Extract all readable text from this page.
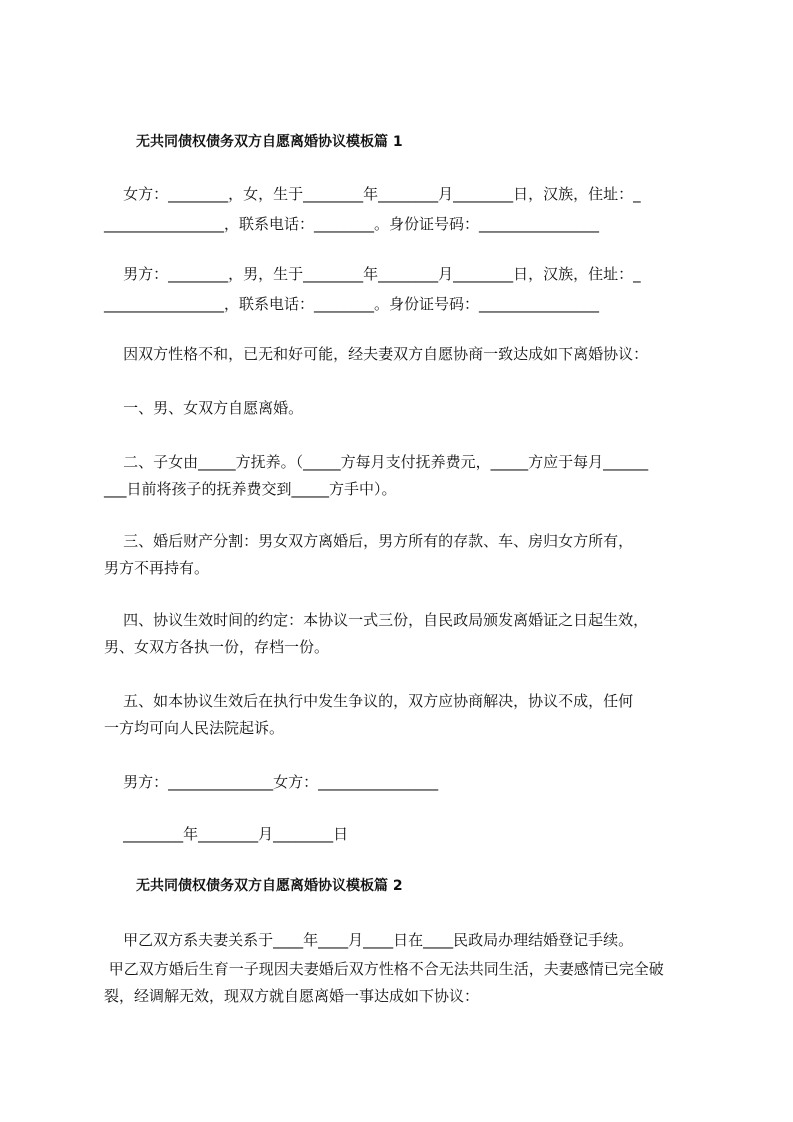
无共同债权债务双方自愿离婚协议模板篇 1
女方：________，女，生于________年________月________日，汉族，住址：_
________________，联系电话：________。身份证号码：________________
男方：________，男，生于________年________月________日，汉族，住址：_
________________，联系电话：________。身份证号码：________________
因双方性格不和，已无和好可能，经夫妻双方自愿协商一致达成如下离婚协议：
一、男、女双方自愿离婚。
二、子女由_____方抚养。（_____方每月支付抚养费元，_____方应于每月______
___日前将孩子的抚养费交到_____方手中）。
三、婚后财产分割：男女双方离婚后，男方所有的存款、车、房归女方所有，
男方不再持有。
四、协议生效时间的约定：本协议一式三份，自民政局颁发离婚证之日起生效，
男、女双方各执一份，存档一份。
五、如本协议生效后在执行中发生争议的，双方应协商解决，协议不成，任何
一方均可向人民法院起诉。
男方：______________女方：________________
________年________月________日
无共同债权债务双方自愿离婚协议模板篇 2
甲乙双方系夫妻关系于____年____月____日在____民政局办理结婚登记手续。
甲乙双方婚后生育一子现因夫妻婚后双方性格不合无法共同生活，夫妻感情已完全破
裂，经调解无效，现双方就自愿离婚一事达成如下协议：
